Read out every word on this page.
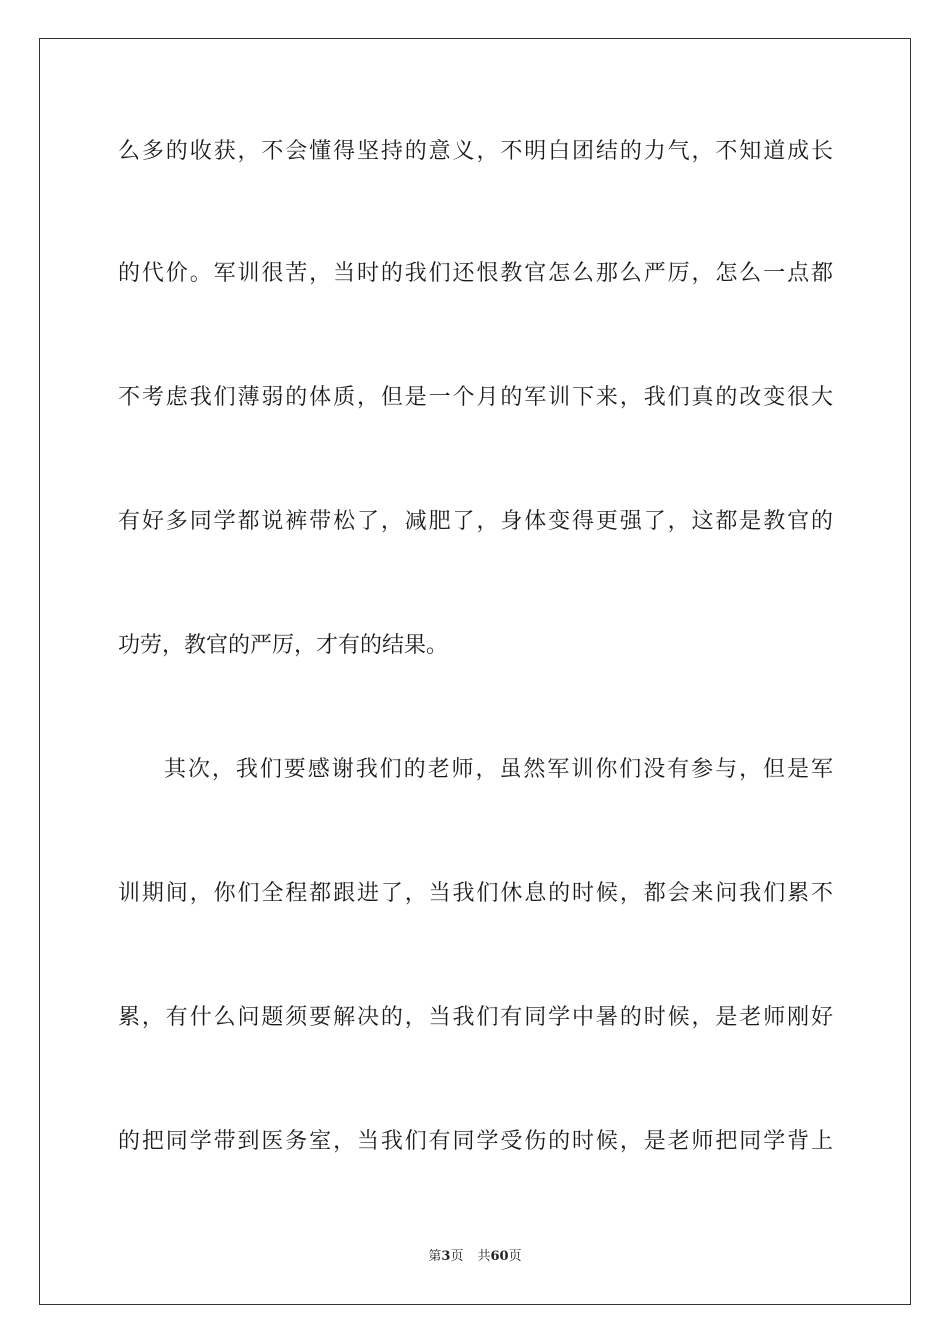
么多的收获，不会懂得坚持的意义，不明白团结的力气，不知道成长
的代价。军训很苦，当时的我们还恨教官怎么那么严厉，怎么一点都
不考虑我们薄弱的体质，但是一个月的军训下来，我们真的改变很大
有好多同学都说裤带松了，减肥了，身体变得更强了，这都是教官的
功劳，教官的严厉，才有的结果。
其次，我们要感谢我们的老师，虽然军训你们没有参与，但是军
训期间，你们全程都跟进了，当我们休息的时候，都会来问我们累不
累，有什么问题须要解决的，当我们有同学中暑的时候，是老师刚好
的把同学带到医务室，当我们有同学受伤的时候，是老师把同学背上
第3页 共60页
